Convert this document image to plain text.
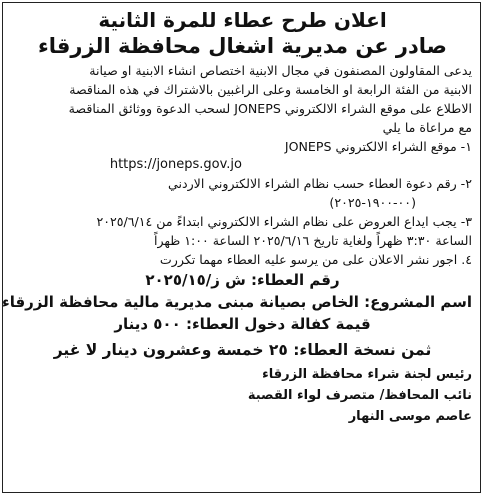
اعلان طرح عطاء للمرة الثانية
صادر عن مديرية اشغال محافظة الزرقاء

يدعى المقاولون المصنفون في مجال الابنية اختصاص انشاء الابنية او صيانة

الابنية من الفئة الرابعة او الخامسة وعلى الراغبين بالاشتراك في هذه المناقصة

الاطلاع على موقع الشراء الالكتروني JONEPS لسحب الدعوة ووثائق المناقصة

مع مراعاة ما يلي

١- موقع الشراء الالكتروني JONEPS

https://joneps.gov.jo

٢- رقم دعوة العطاء حسب نظام الشراء الالكتروني الاردني

(٠٠-١٩٠٠-٢٠٢٥)

٣- يجب ايداع العروض على نظام الشراء الالكتروني ابتداءً من ٢٠٢٥/٦/١٤

الساعة ٣:٣٠ ظهراً ولغاية تاريخ ٢٠٢٥/٦/١٦ الساعة ١:٠٠ ظهراً

٤. اجور نشر الاعلان على من يرسو عليه العطاء مهما تكررت

رقم العطاء: ش ز/٢٠٢٥/١٥

اسم المشروع: الخاص بصيانة مبنى مديرية مالية محافظة الزرقاء

قيمة كفالة دخول العطاء: ٥٠٠ دينار

ثمن نسخة العطاء: ٢٥ خمسة وعشرون دينار لا غير

رئيس لجنة شراء محافظة الزرقاء

نائب المحافظ/ متصرف لواء القصبة

عاصم موسى النهار
